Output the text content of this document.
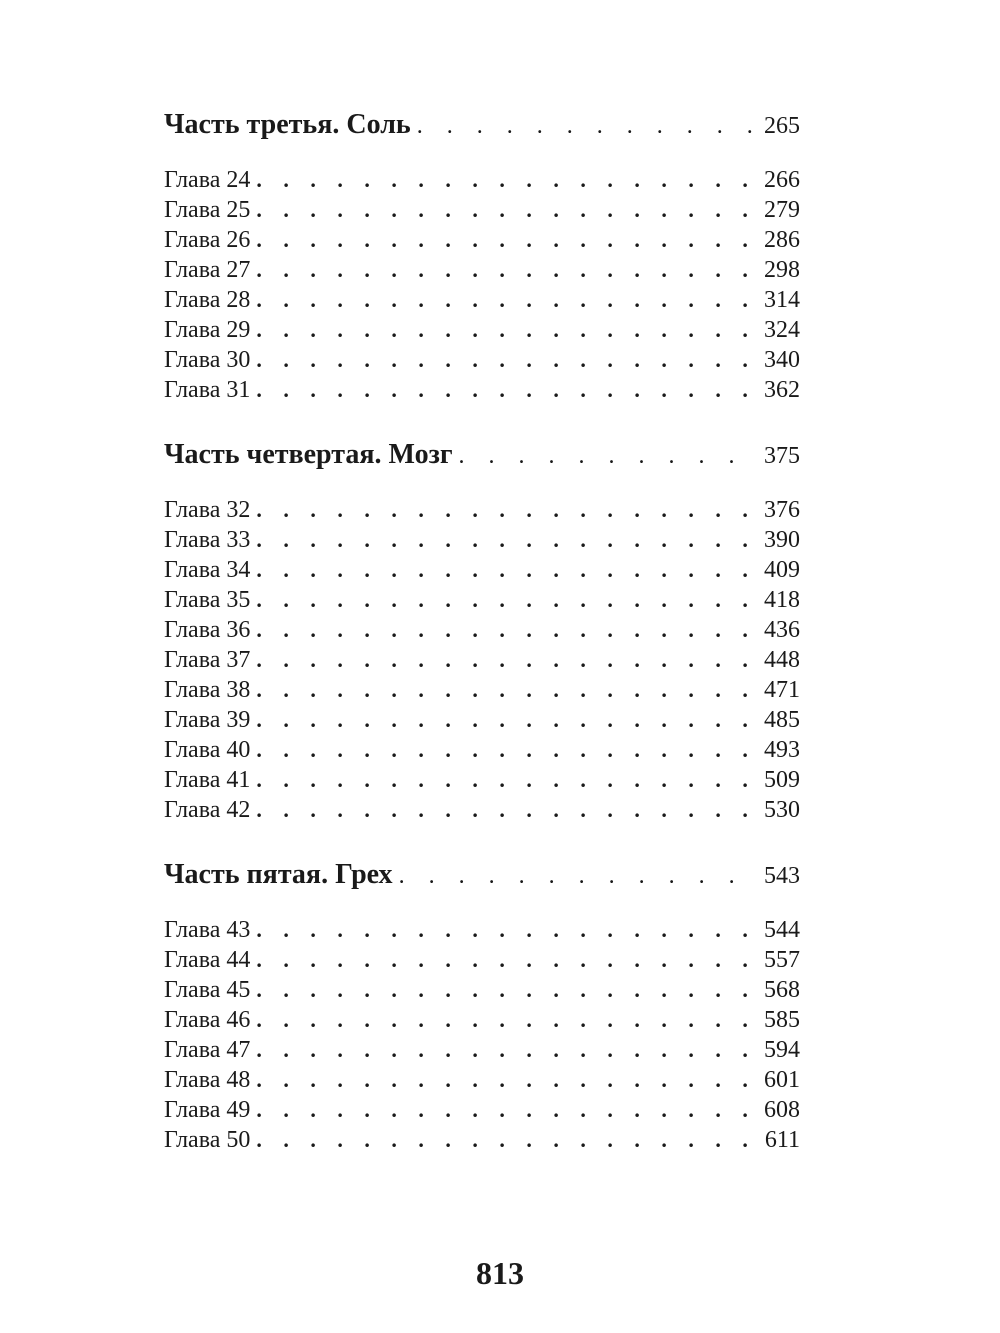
Часть третья. Соль . . .	265
Глава 24 . . .	266
Глава 25 . . .	279
Глава 26 . . .	286
Глава 27 . . .	298
Глава 28 . . .	314
Глава 29 . . .	324
Глава 30 . . .	340
Глава 31 . . .	362
Часть четвертая. Мозг . . .	375
Глава 32 . . .	376
Глава 33 . . .	390
Глава 34 . . .	409
Глава 35 . . .	418
Глава 36 . . .	436
Глава 37 . . .	448
Глава 38 . . .	471
Глава 39 . . .	485
Глава 40 . . .	493
Глава 41 . . .	509
Глава 42 . . .	530
Часть пятая. Грех . . .	543
Глава 43 . . .	544
Глава 44 . . .	557
Глава 45 . . .	568
Глава 46 . . .	585
Глава 47 . . .	594
Глава 48 . . .	601
Глава 49 . . .	608
Глава 50 . . .	611
813
